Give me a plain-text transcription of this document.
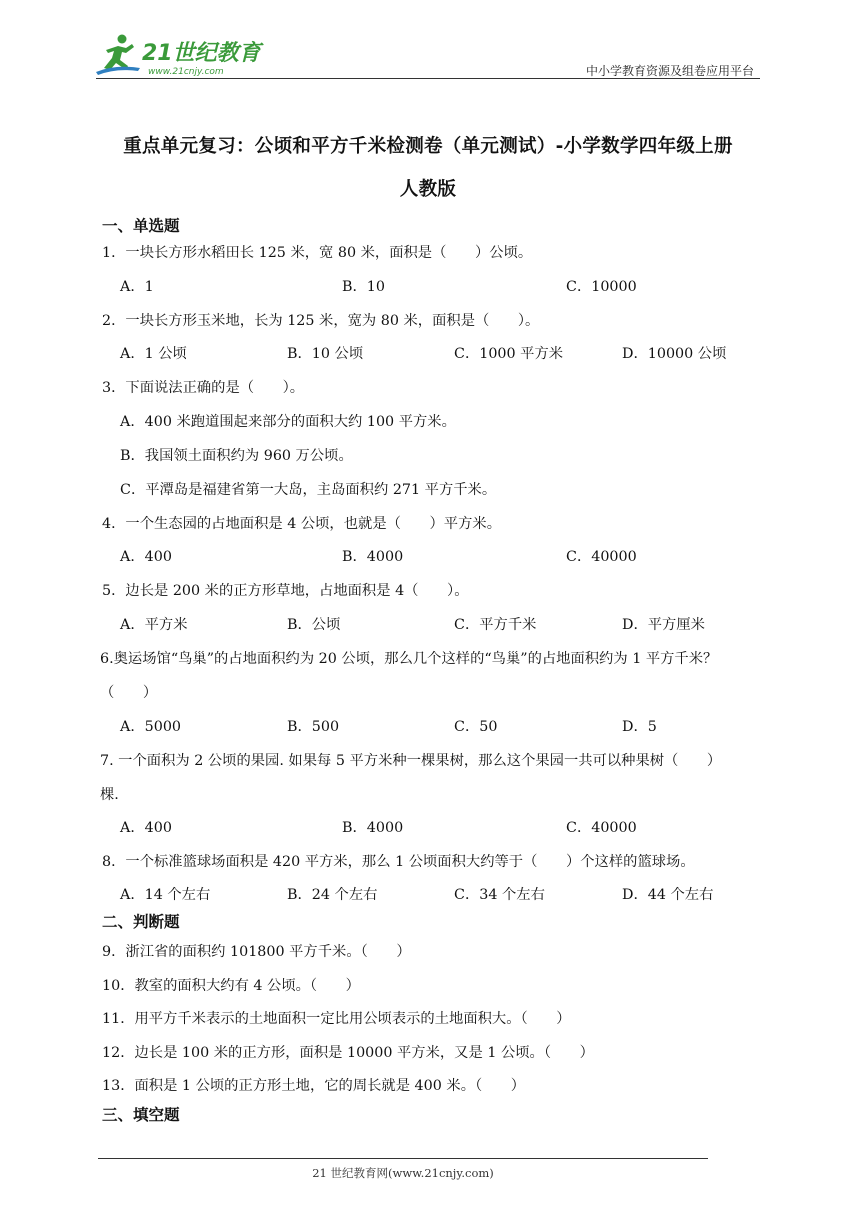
21世纪教育
www.21cnjy.com	中小学教育资源及组卷应用平台
重点单元复习：公顷和平方千米检测卷（单元测试）-小学数学四年级上册
人教版
一、单选题
1．一块长方形水稻田长 125 米，宽 80 米，面积是（　　）公顷。
A．1	B．10	C．10000
2．一块长方形玉米地，长为 125 米，宽为 80 米，面积是（　　）。
A．1 公顷	B．10 公顷	C．1000 平方米	D．10000 公顷
3．下面说法正确的是（　　）。
A．400 米跑道围起来部分的面积大约 100 平方米。
B．我国领土面积约为 960 万公顷。
C．平潭岛是福建省第一大岛，主岛面积约 271 平方千米。
4．一个生态园的占地面积是 4 公顷，也就是（　　）平方米。
A．400	B．4000	C．40000
5．边长是 200 米的正方形草地，占地面积是 4（　　）。
A．平方米	B．公顷	C．平方千米	D．平方厘米
6.奥运场馆“鸟巢”的占地面积约为 20 公顷，那么几个这样的“鸟巢”的占地面积约为 1 平方千米？
（　　）
A．5000	B．500	C．50	D．5
7. 一个面积为 2 公顷的果园. 如果每 5 平方米种一棵果树，那么这个果园一共可以种果树（　　）
棵.
A．400	B．4000	C．40000
8．一个标准篮球场面积是 420 平方米，那么 1 公顷面积大约等于（　　）个这样的篮球场。
A．14 个左右	B．24 个左右	C．34 个左右	D．44 个左右
二、判断题
9．浙江省的面积约 101800 平方千米。（　　）
10．教室的面积大约有 4 公顷。（　　）
11．用平方千米表示的土地面积一定比用公顷表示的土地面积大。（　　）
12．边长是 100 米的正方形，面积是 10000 平方米，又是 1 公顷。（　　）
13．面积是 1 公顷的正方形土地，它的周长就是 400 米。（　　）
三、填空题
21 世纪教育网(www.21cnjy.com)
